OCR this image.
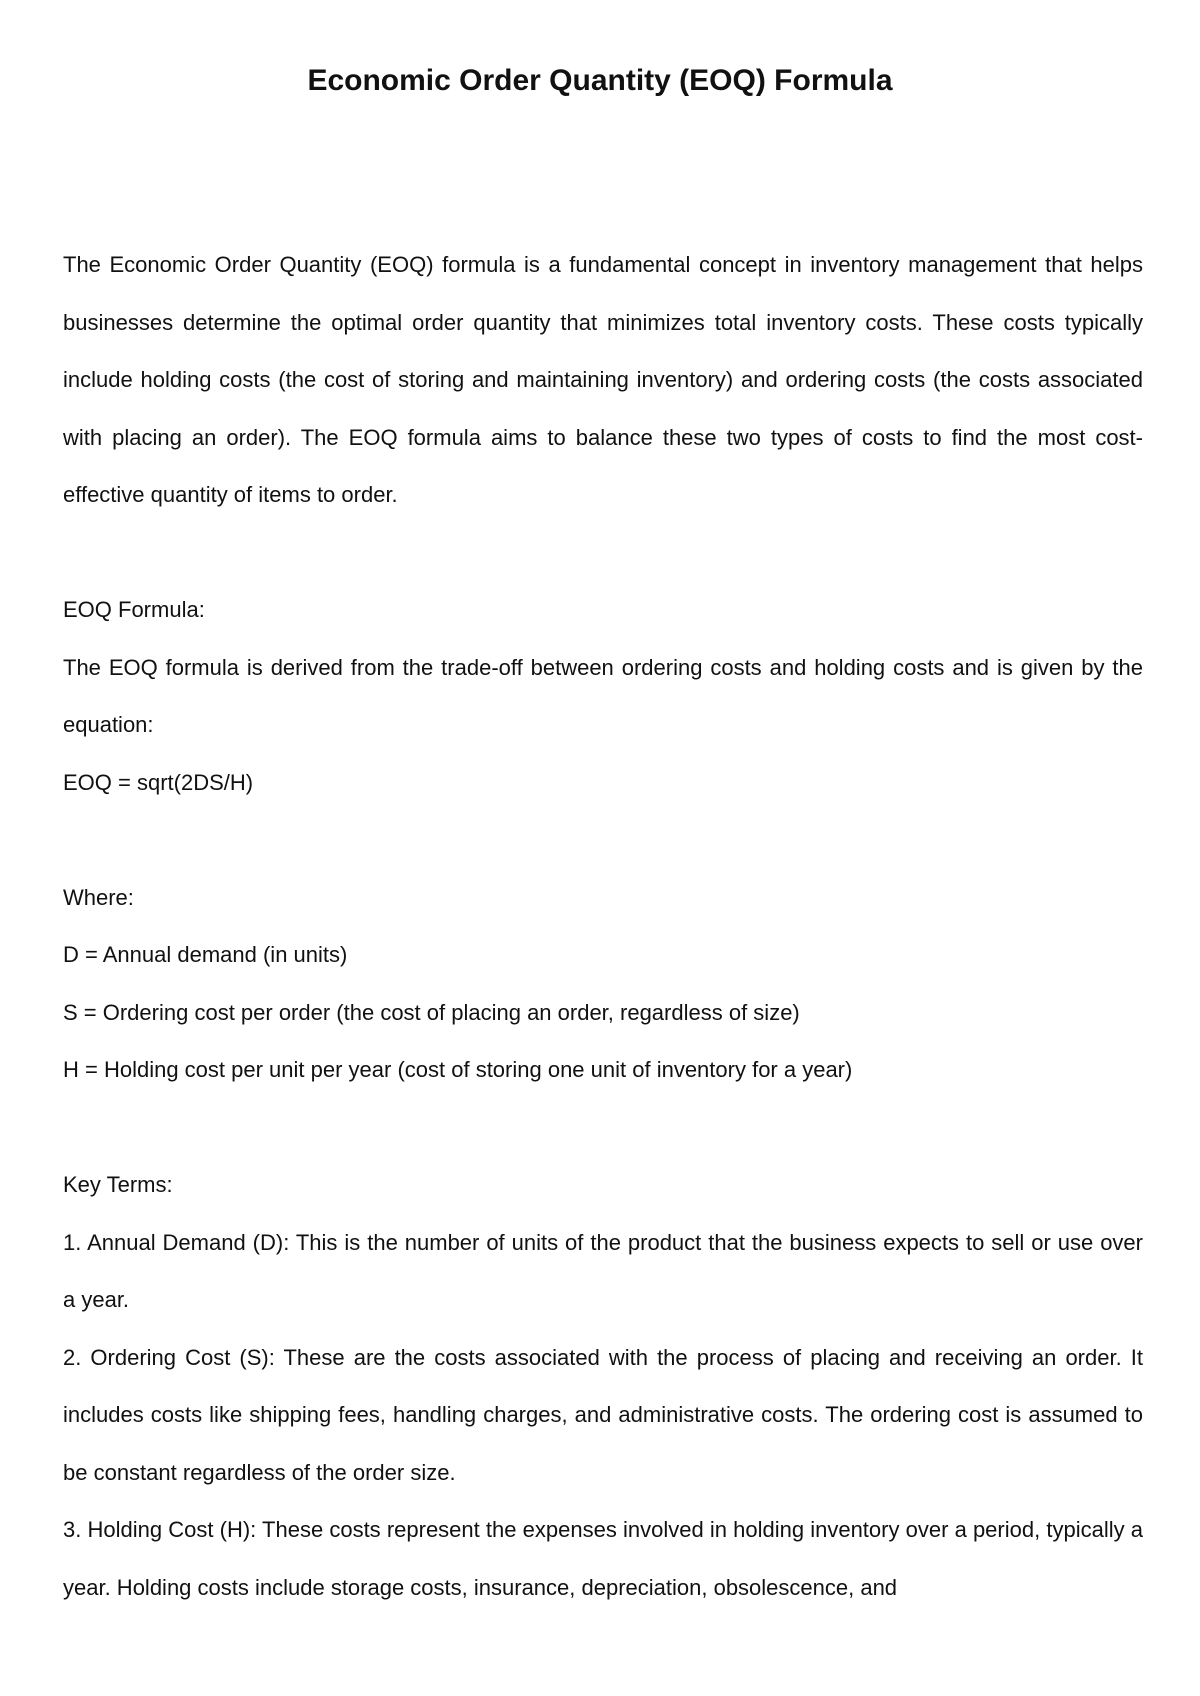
Economic Order Quantity (EOQ) Formula

The Economic Order Quantity (EOQ) formula is a fundamental concept in inventory management that helps businesses determine the optimal order quantity that minimizes total inventory costs. These costs typically include holding costs (the cost of storing and maintaining inventory) and ordering costs (the costs associated with placing an order). The EOQ formula aims to balance these two types of costs to find the most cost-effective quantity of items to order.

EOQ Formula:

The EOQ formula is derived from the trade-off between ordering costs and holding costs and is given by the equation:

EOQ = sqrt(2DS/H)

Where:

D = Annual demand (in units)

S = Ordering cost per order (the cost of placing an order, regardless of size)

H = Holding cost per unit per year (cost of storing one unit of inventory for a year)

Key Terms:

1. Annual Demand (D): This is the number of units of the product that the business expects to sell or use over a year.

2. Ordering Cost (S): These are the costs associated with the process of placing and receiving an order. It includes costs like shipping fees, handling charges, and administrative costs. The ordering cost is assumed to be constant regardless of the order size.

3. Holding Cost (H): These costs represent the expenses involved in holding inventory over a period, typically a year. Holding costs include storage costs, insurance, depreciation, obsolescence, and
